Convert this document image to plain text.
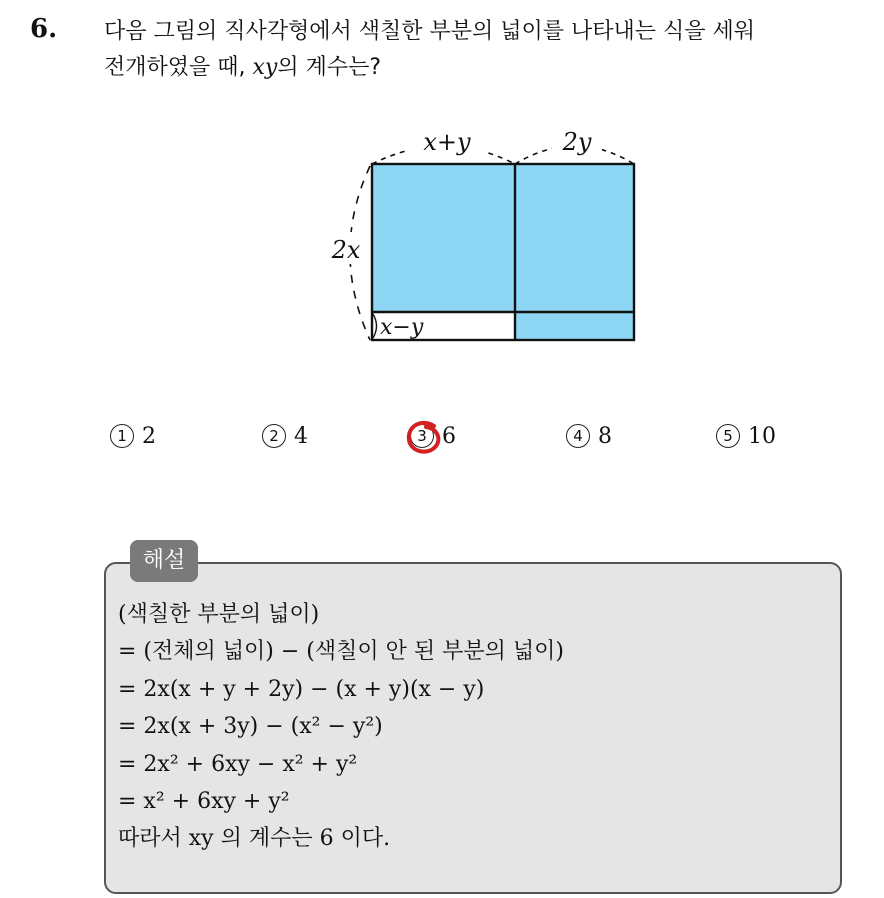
6. 다음 그림의 직사각형에서 색칠한 부분의 넓이를 나타내는 식을 세워
전개하였을 때, xy의 계수는?
x+y	2y
2x
x−y
1 2	2 4	3 6	4 8	5 10
해설
(색칠한 부분의 넓이)
= (전체의 넓이) − (색칠이 안 된 부분의 넓이)
= 2x(x + y + 2y) − (x + y)(x − y)
= 2x(x + 3y) − (x² − y²)
= 2x² + 6xy − x² + y²
= x² + 6xy + y²
따라서 xy 의 계수는 6 이다.
